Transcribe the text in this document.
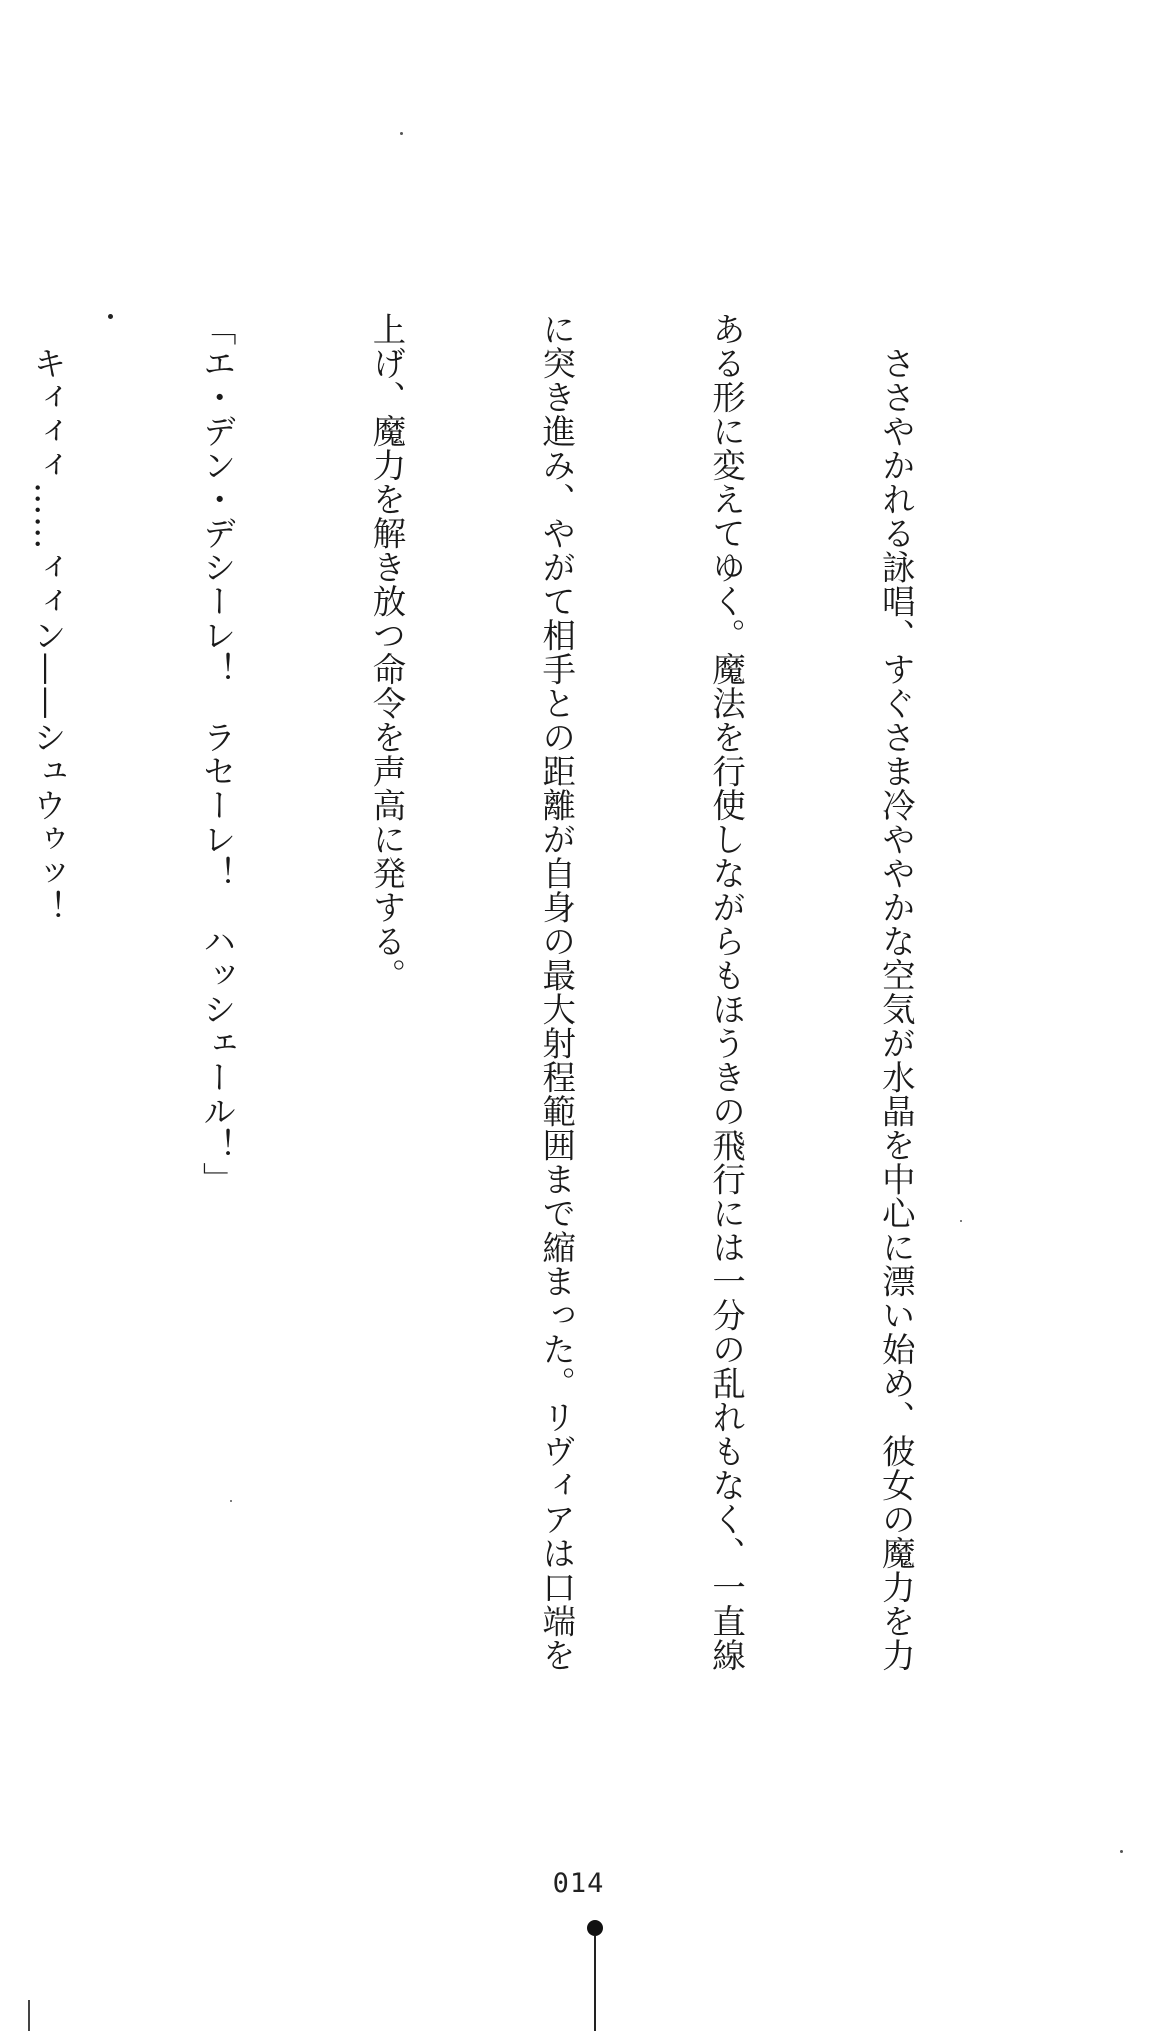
　ささやかれる詠唱、すぐさま冷ややかな空気が水晶を中心に漂い始め、彼女の魔力を力

ある形に変えてゆく。魔法を行使しながらもほうきの飛行には一分の乱れもなく、一直線

に突き進み、やがて相手との距離が自身の最大射程範囲まで縮まった。リヴィアは口端を

上げ、魔力を解き放つ命令を声高に発する。

「エ・デン・デシーレ！　ラセーレ！　ハッシェール！」

　キィィィ……ィィン——シュウゥッ！

014
